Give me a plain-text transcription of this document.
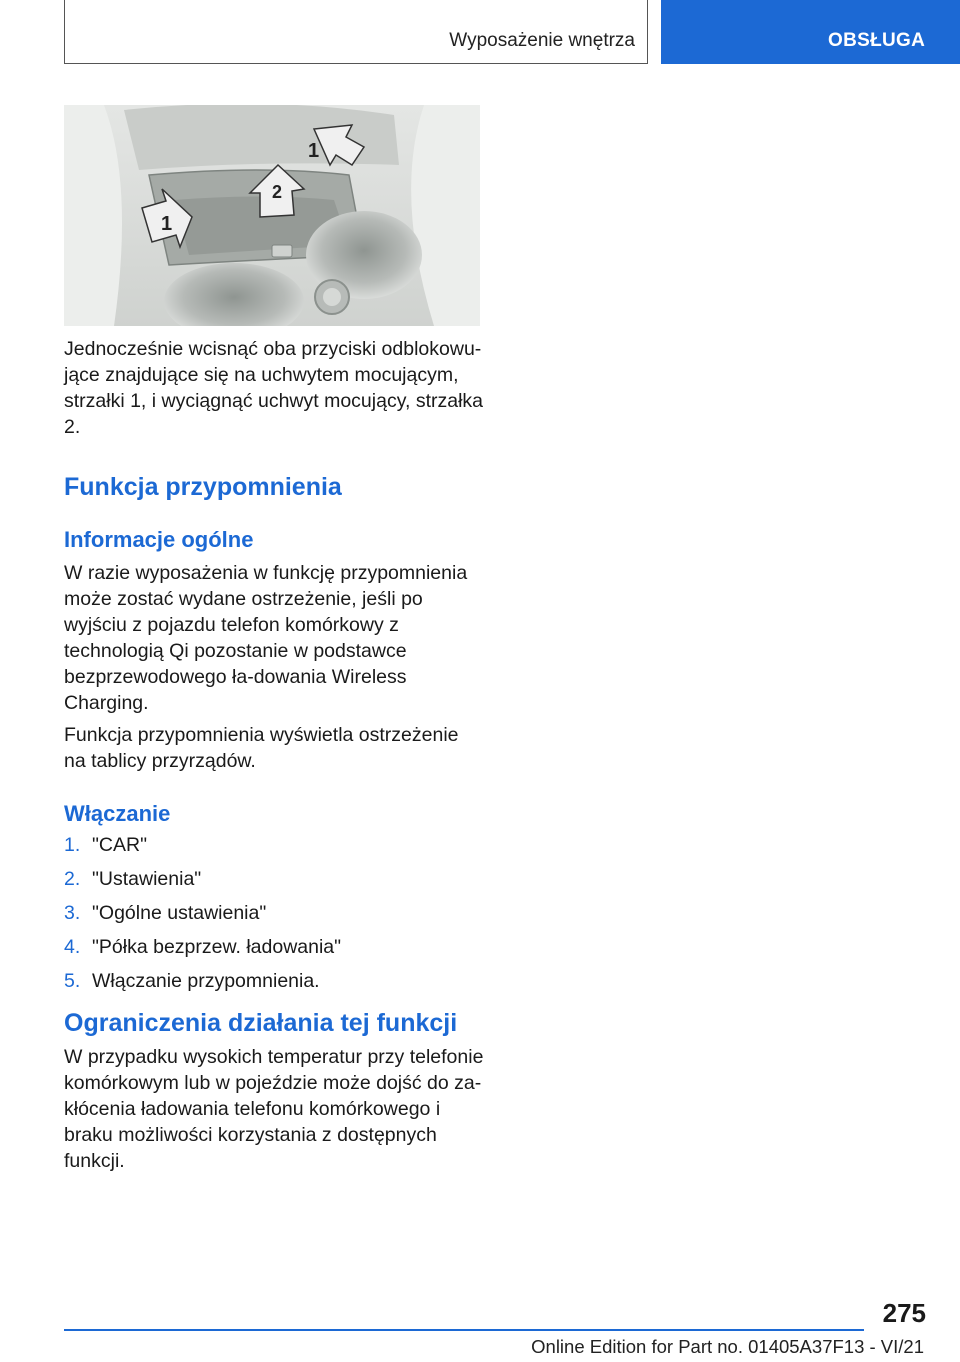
Wyposażenie wnętrza	OBSŁUGA
1
2
1

Jednocześnie wcisnąć oba przyciski odblokowu-jące znajdujące się na uchwytem mocującym, strzałki 1, i wyciągnąć uchwyt mocujący, strzałka 2.

Funkcja przypomnienia
Informacje ogólne

W razie wyposażenia w funkcję przypomnienia może zostać wydane ostrzeżenie, jeśli po wyjściu z pojazdu telefon komórkowy z technologią Qi pozostanie w podstawce bezprzewodowego ła-dowania Wireless Charging.

Funkcja przypomnienia wyświetla ostrzeżenie na tablicy przyrządów.

Włączanie
1. "CAR"
2. "Ustawienia"
3. "Ogólne ustawienia"
4. "Półka bezprzew. ładowania"
5. Włączanie przypomnienia.
Ograniczenia działania tej funkcji

W przypadku wysokich temperatur przy telefonie komórkowym lub w pojeździe może dojść do za-kłócenia ładowania telefonu komórkowego i braku możliwości korzystania z dostępnych funkcji.

275
Online Edition for Part no. 01405A37F13 - VI/21
